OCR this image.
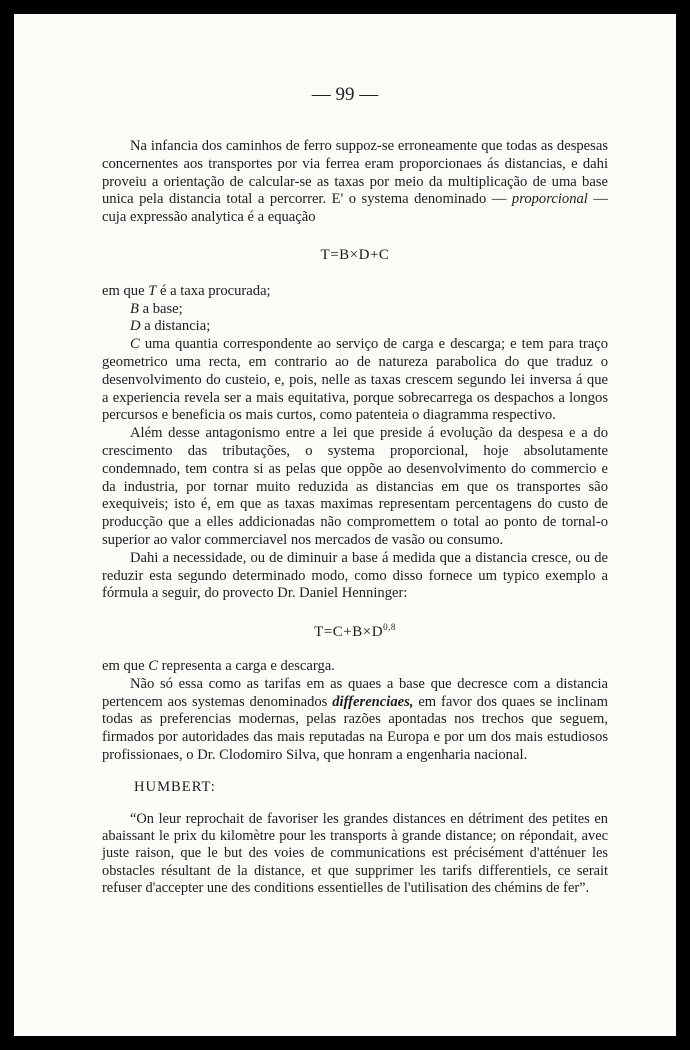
— 99 —

Na infancia dos caminhos de ferro suppoz-se erroneamente que todas as despesas concernentes aos transportes por via ferrea eram proporcionaes ás distancias, e dahi proveiu a orientação de calcular-se as taxas por meio da multiplicação de uma base unica pela distancia total a percorrer. E' o systema denominado — proporcional — cuja expressão analytica é a equação

T=B×D+C

em que T é a taxa procurada;

B a base;

D a distancia;

C uma quantia correspondente ao serviço de carga e descarga; e tem para traço geometrico uma recta, em contrario ao de natureza parabolica do que traduz o desenvolvimento do custeio, e, pois, nelle as taxas crescem segundo lei inversa á que a experiencia revela ser a mais equitativa, porque sobrecarrega os despachos a longos percursos e beneficia os mais curtos, como patenteia o diagramma respectivo.

Além desse antagonismo entre a lei que preside á evolução da despesa e a do crescimento das tributações, o systema proporcional, hoje absolutamente condemnado, tem contra si as pelas que oppõe ao desenvolvimento do commercio e da industria, por tornar muito reduzida as distancias em que os transportes são exequiveis; isto é, em que as taxas maximas representam percentagens do custo de producção que a elles addicionadas não compromettem o total ao ponto de tornal-o superior ao valor commerciavel nos mercados de vasão ou consumo.

Dahi a necessidade, ou de diminuir a base á medida que a distancia cresce, ou de reduzir esta segundo determinado modo, como disso fornece um typico exemplo a fórmula a seguir, do provecto Dr. Daniel Henninger:

$T=C+B\times D^{0,8}$

em que C representa a carga e descarga.

Não só essa como as tarifas em as quaes a base que decresce com a distancia pertencem aos systemas denominados differenciaes, em favor dos quaes se inclinam todas as preferencias modernas, pelas razões apontadas nos trechos que seguem, firmados por autoridades das mais reputadas na Europa e por um dos mais estudiosos profissionaes, o Dr. Clodomiro Silva, que honram a engenharia nacional.

HUMBERT:

“On leur reprochait de favoriser les grandes distances en détriment des petites en abaissant le prix du kilomètre pour les transports à grande distance; on répondait, avec juste raison, que le but des voies de communications est précisément d'atténuer les obstacles résultant de la distance, et que supprimer les tarifs differentiels, ce serait refuser d'accepter une des conditions essentielles de l'utilisation des chémins de fer”.
